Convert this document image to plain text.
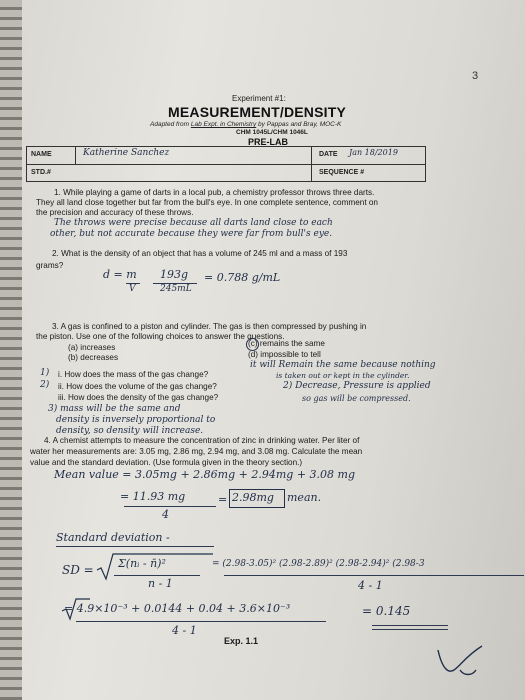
3
Experiment #1:
MEASUREMENT/DENSITY
Adapted from Lab Expt. in Chemistry by Pappas and Bray, MOC-K
CHM 1045L/CHM 1046L
PRE-LAB
NAME	Katherine Sanchez
STD.#
DATE Jan 18/2019
SEQUENCE #
1. While playing a game of darts in a local pub, a chemistry professor throws three darts.
They all land close together but far from the bull's eye. In one complete sentence, comment on
the precision and accuracy of these throws.
The throws were precise because all darts land close to each
other, but not accurate because they were far from bull's eye.
2. What is the density of an object that has a volume of 245 ml and a mass of 193
grams?
d = m
V
193g
245mL
= 0.788 g/mL
3. A gas is confined to a piston and cylinder. The gas is then compressed by pushing in
the piston. Use one of the following choices to answer the questions.
(a) increases
(b) decreases
(c) remains the same
(d) impossible to tell
1) i. How does the mass of the gas change?
it will Remain the same because nothing
is taken out or kept in the cylinder.
2) ii. How does the volume of the gas change?	2) Decrease, Pressure is applied
so gas will be compressed.
iii. How does the density of the gas change?
3) mass will be the same and
density is inversely proportional to
density, so density will increase.
4. A chemist attempts to measure the concentration of zinc in drinking water. Per liter of
water her measurements are: 3.05 mg, 2.86 mg, 2.94 mg, and 3.08 mg. Calculate the mean
value and the standard deviation. (Use formula given in the theory section.)
Mean value = 3.05mg + 2.86mg + 2.94mg + 3.08 mg
= 11.93 mg
4
= 2.98mg mean.
Standard deviation -
SD = Σ(nᵢ - n̄)²
n - 1
= (2.98-3.05)² (2.98-2.89)² (2.98-2.94)² (2.98-3
4 - 1
= 4.9×10⁻³ + 0.0144 + 0.04 + 3.6×10⁻³
4 - 1
= 0.145
Exp. 1.1
